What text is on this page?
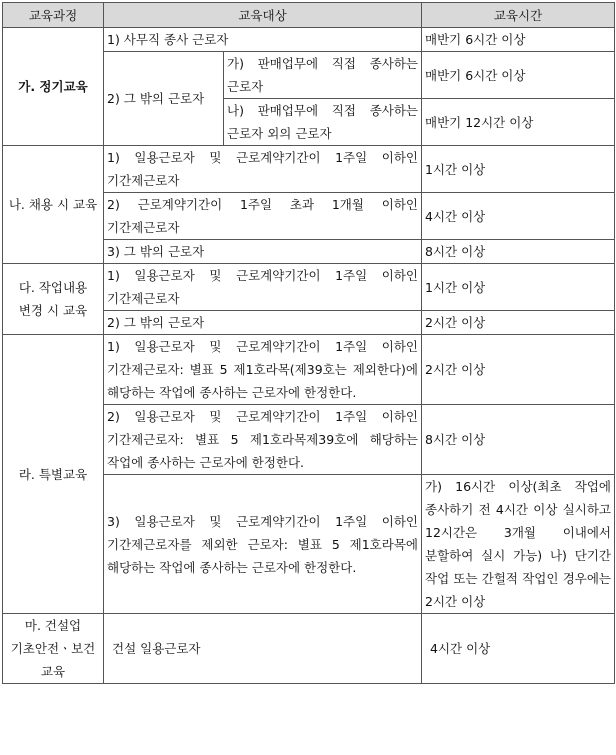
교육과정	교육대상		교육시간
가. 정기교육	1) 사무직 종사 근로자		매반기 6시간 이상
	2) 그 밖의 근로자	가) 판매업무에 직접 종사하는 근로자	매반기 6시간 이상
		나) 판매업무에 직접 종사하는 근로자 외의 근로자	매반기 12시간 이상
나. 채용 시 교육	1) 일용근로자 및 근로계약기간이 1주일 이하인 기간제근로자		1시간 이상
	2) 근로계약기간이 1주일 초과 1개월 이하인 기간제근로자		4시간 이상
	3) 그 밖의 근로자		8시간 이상
다. 작업내용 변경 시 교육	1) 일용근로자 및 근로계약기간이 1주일 이하인 기간제근로자		1시간 이상
	2) 그 밖의 근로자		2시간 이상
라. 특별교육	1) 일용근로자 및 근로계약기간이 1주일 이하인 기간제근로자: 별표 5 제1호라목(제39호는 제외한다)에 해당하는 작업에 종사하는 근로자에 한정한다.		2시간 이상
	2) 일용근로자 및 근로계약기간이 1주일 이하인 기간제근로자: 별표 5 제1호라목제39호에 해당하는 작업에 종사하는 근로자에 한정한다.		8시간 이상
	3) 일용근로자 및 근로계약기간이 1주일 이하인 기간제근로자를 제외한 근로자: 별표 5 제1호라목에 해당하는 작업에 종사하는 근로자에 한정한다.		가) 16시간 이상(최초 작업에 종사하기 전 4시간 이상 실시하고 12시간은 3개월 이내에서 분할하여 실시 가능) 나) 단기간 작업 또는 간헐적 작업인 경우에는 2시간 이상
마. 건설업 기초안전ㆍ보건교육	건설 일용근로자		4시간 이상
